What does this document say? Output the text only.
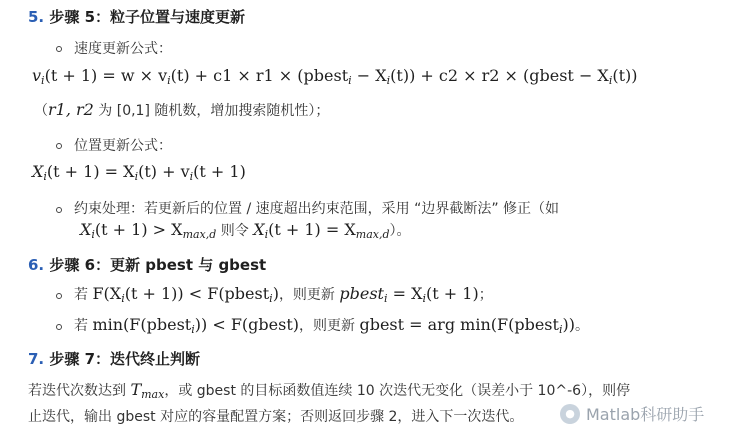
5. 步骤 5：粒子位置与速度更新
速度更新公式：
$v_i(t + 1) = w \times v_i(t) + c1 \times r1$ × (pbest$_i$ − $X_i(t)) + c2 \times r2$ × (gbest − $X_i(t)$)
（r1, r2 为 [0,1] 随机数，增加搜索随机性）；
位置更新公式：
$X_i(t + 1) = X_i(t) + v_i(t + 1)$
约束处理：若更新后的位置 / 速度超出约束范围，采用 “边界截断法” 修正（如
$X_i(t + 1) > X_{max,d}$ 则令 $X_i(t + 1) = X_{max,d}$）。
6. 步骤 6：更新 pbest 与 gbest
若 $F(X_i(t + 1))$ < F(pbest$_i$)，则更新 pbest$_i$ = $X_i(t + 1)$；
若 min(F(pbest$_i$)) < F(gbest)，则更新 gbest = arg min(F(pbest$_i$))。
7. 步骤 7：迭代终止判断
若迭代次数达到 $T_{max}$，或 gbest 的目标函数值连续 10 次迭代无变化（误差小于 10^-6），则停
止迭代，输出 gbest 对应的容量配置方案；否则返回步骤 2，进入下一次迭代。	● Matlab科研助手
